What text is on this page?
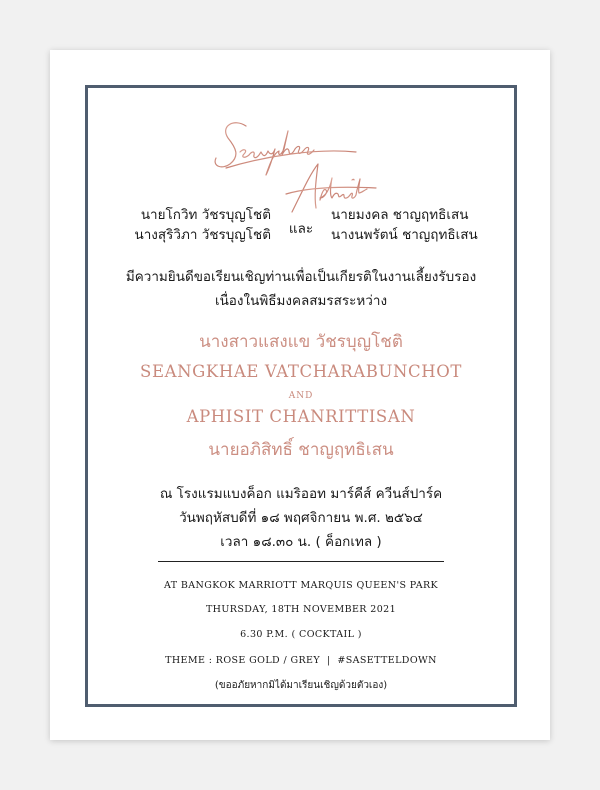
นายโกวิท วัชรบุญโชติ
นางสุริวิภา วัชรบุญโชติ	และ
นายมงคล ชาญฤทธิเสน
นางนพรัตน์ ชาญฤทธิเสน
มีความยินดีขอเรียนเชิญท่านเพื่อเป็นเกียรติในงานเลี้ยงรับรอง
เนื่องในพิธีมงคลสมรสระหว่าง
นางสาวแสงแข วัชรบุญโชติ
SEANGKHAE VATCHARABUNCHOT
AND
APHISIT CHANRITTISAN
นายอภิสิทธิ์ ชาญฤทธิเสน
ณ โรงแรมแบงค็อก แมริออท มาร์คีส์ ควีนส์ปาร์ค
วันพฤหัสบดีที่ ๑๘ พฤศจิกายน พ.ศ. ๒๕๖๔
เวลา ๑๘.๓๐ น. ( ค็อกเทล )
AT BANGKOK MARRIOTT MARQUIS QUEEN'S PARK
THURSDAY, 18TH NOVEMBER 2021
6.30 P.M. ( COCKTAIL )
THEME : ROSE GOLD / GREY  |  #SASETTELDOWN
(ขออภัยหากมิได้มาเรียนเชิญด้วยตัวเอง)
